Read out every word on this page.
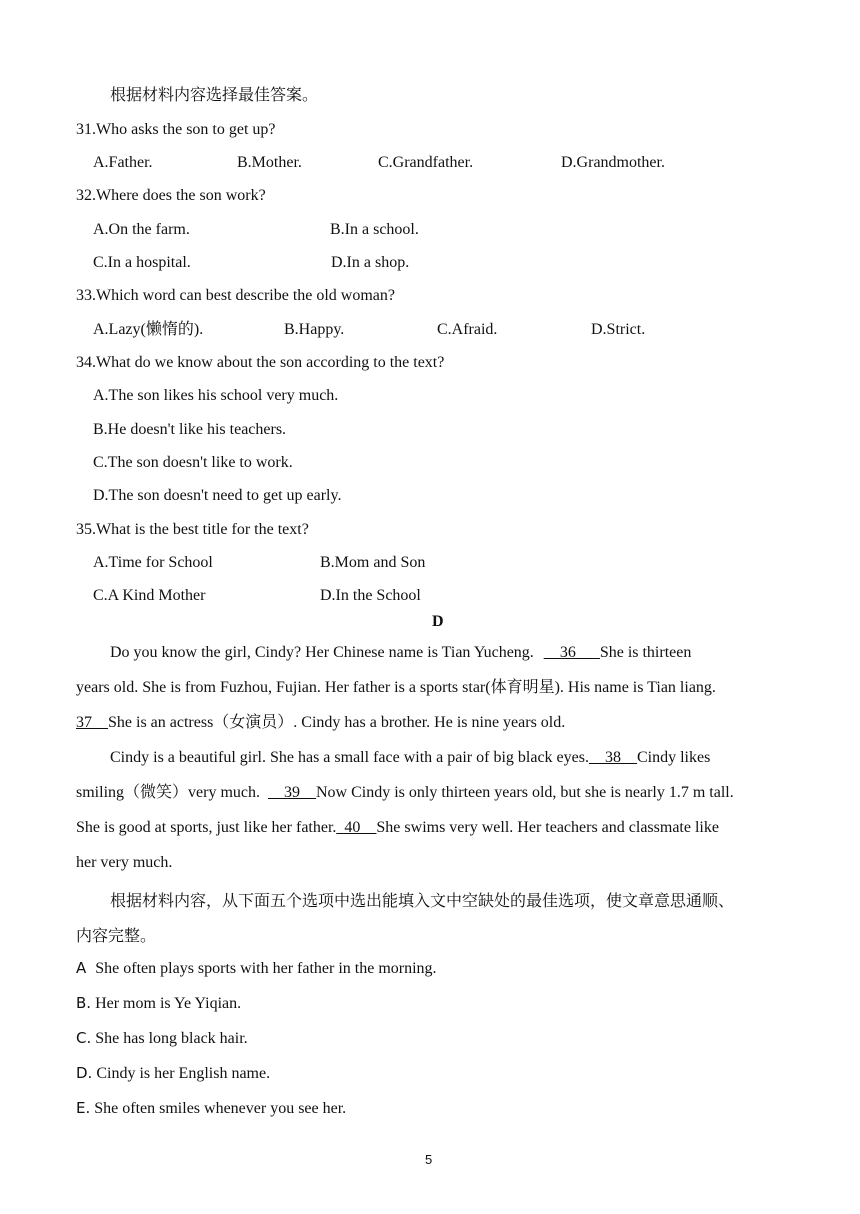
根据材料内容选择最佳答案。
31.Who asks the son to get up?
A.Father.	B.Mother.	C.Grandfather.	D.Grandmother.
32.Where does the son work?
A.On the farm.	B.In a school.
C.In a hospital.	D.In a shop.
33.Which word can best describe the old woman?
A.Lazy(懒惰的).	B.Happy.	C.Afraid.	D.Strict.
34.What do we know about the son according to the text?
A.The son likes his school very much.
B.He doesn't like his teachers.
C.The son doesn't like to work.
D.The son doesn't need to get up early.
35.What is the best title for the text?
A.Time for School	B.Mom and Son
C.A Kind Mother	D.In the School
D
Do you know the girl, Cindy? Her Chinese name is Tian Yucheng. __36___She is thirteen
years old. She is from Fuzhou, Fujian. Her father is a sports star(体育明星). His name is Tian liang.
37__She is an actress（女演员）. Cindy has a brother. He is nine years old.
Cindy is a beautiful girl. She has a small face with a pair of big black eyes.__38__Cindy likes
smiling（微笑）very much. __39__Now Cindy is only thirteen years old, but she is nearly 1.7 m tall.
She is good at sports, just like her father._40__She swims very well. Her teachers and classmate like
her very much.
根据材料内容，从下面五个选项中选出能填入文中空缺处的最佳选项，使文章意思通顺、
内容完整。
A She often plays sports with her father in the morning.
B. Her mom is Ye Yiqian.
C. She has long black hair.
D. Cindy is her English name.
E. She often smiles whenever you see her.
5
